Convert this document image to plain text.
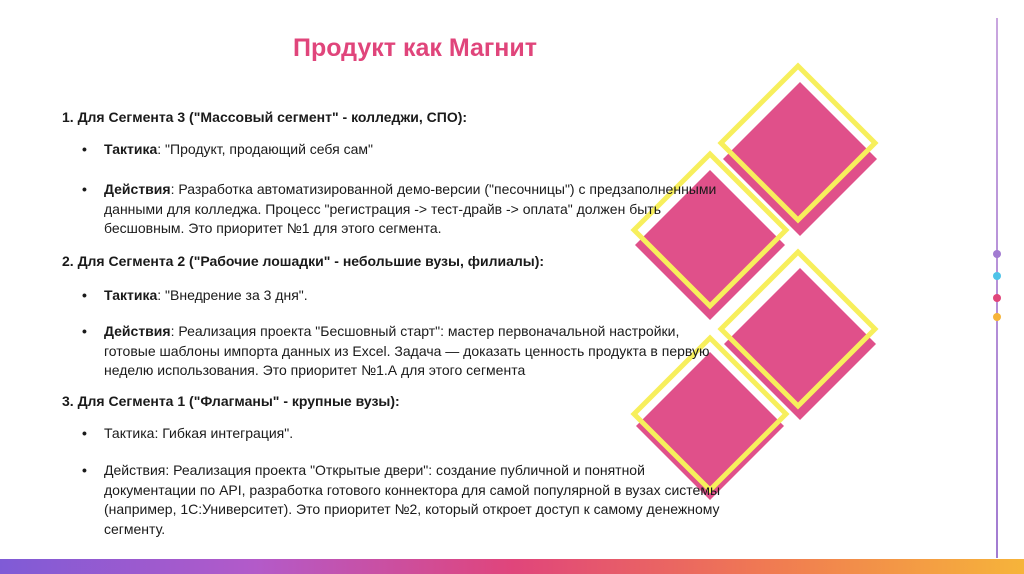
Продукт как Магнит
1. Для Сегмента 3 ("Массовый сегмент" - колледжи, СПО):
•	Тактика: "Продукт, продающий себя сам"
•	Действия: Разработка автоматизированной демо-версии ("песочницы") с предзаполненными данными для колледжа. Процесс "регистрация -> тест-драйв -> оплата" должен быть бесшовным. Это приоритет №1 для этого сегмента.
2. Для Сегмента 2 ("Рабочие лошадки" - небольшие вузы, филиалы):
•	Тактика: "Внедрение за 3 дня".
•	Действия: Реализация проекта "Бесшовный старт": мастер первоначальной настройки, готовые шаблоны импорта данных из Excel. Задача — доказать ценность продукта в первую неделю использования. Это приоритет №1.А для этого сегмента
3. Для Сегмента 1 ("Флагманы" - крупные вузы):
•	Тактика: Гибкая интеграция".
•	Действия: Реализация проекта "Открытые двери": создание публичной и понятной документации по API, разработка готового коннектора для самой популярной в вузах системы (например, 1С:Университет). Это приоритет №2, который откроет доступ к самому денежному сегменту.
